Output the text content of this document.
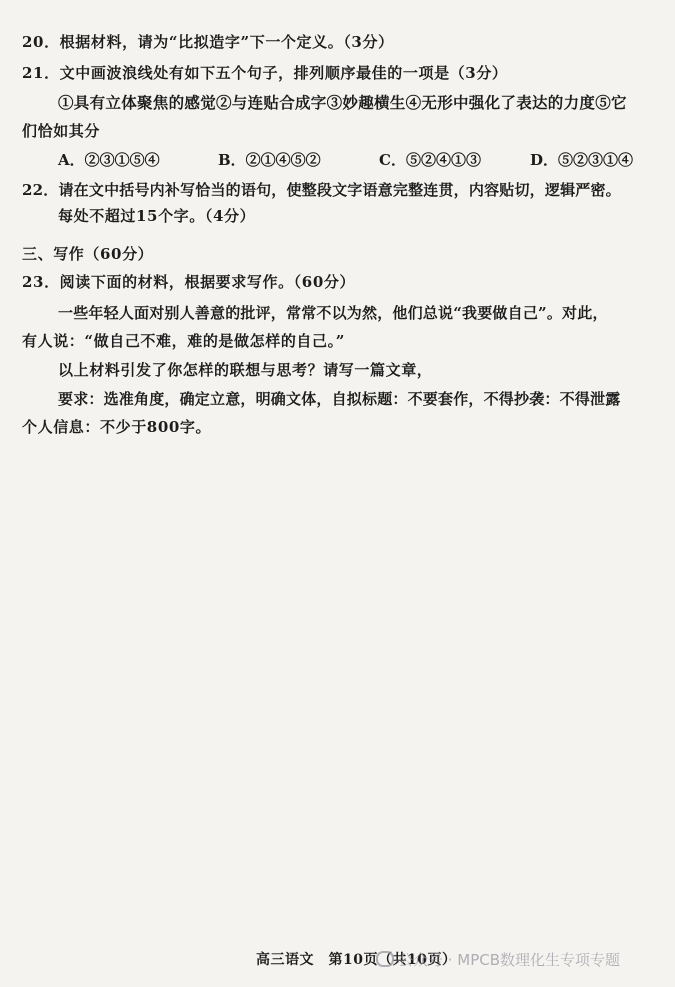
20．根据材料，请为“比拟造字”下一个定义。（3分）
21．文中画波浪线处有如下五个句子，排列顺序最佳的一项是（3分）
①具有立体聚焦的感觉②与连贴合成字③妙趣横生④无形中强化了表达的力度⑤它
们恰如其分
A．②③①⑤④	B．②①④⑤②	C．⑤②④①③	D．⑤②③①④
22．请在文中括号内补写恰当的语句，使整段文字语意完整连贯，内容贴切，逻辑严密。
每处不超过15个字。（4分）
三、写作（60分）
23．阅读下面的材料，根据要求写作。（60分）
一些年轻人面对别人善意的批评，常常不以为然，他们总说“我要做自己”。对此，
有人说：“做自己不难，难的是做怎样的自己。”
以上材料引发了你怎样的联想与思考？请写一篇文章，
要求：选准角度，确定立意，明确文体，自拟标题：不要套作，不得抄袭：不得泄露
个人信息：不少于800字。
高三语文　第10页（共10页）
公众号 · MPCB数理化生专项专题
